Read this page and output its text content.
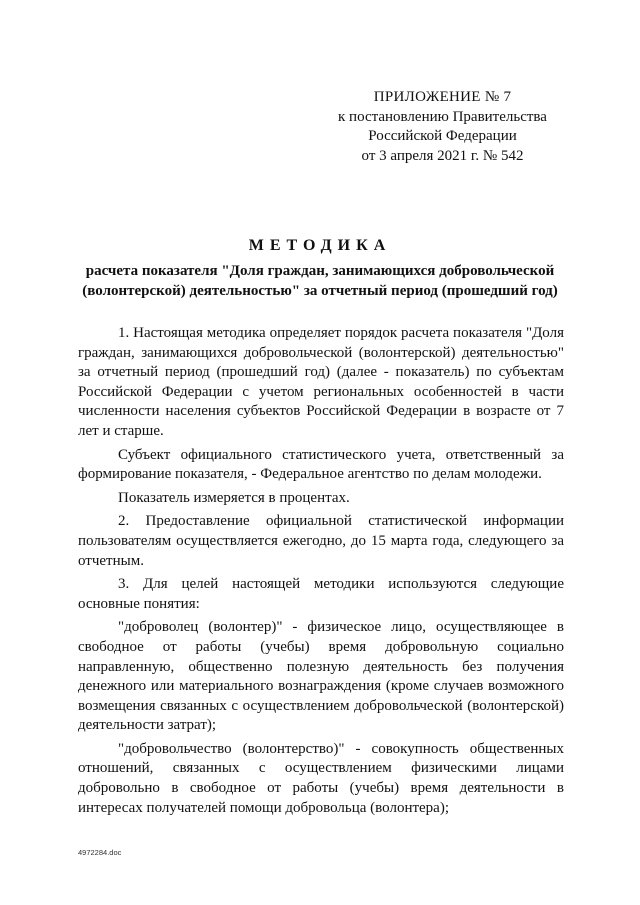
ПРИЛОЖЕНИЕ № 7
к постановлению Правительства
Российской Федерации
от 3 апреля 2021 г. № 542
МЕТОДИКА
расчета показателя "Доля граждан, занимающихся добровольческой (волонтерской) деятельностью" за отчетный период (прошедший год)

1. Настоящая методика определяет порядок расчета показателя "Доля граждан, занимающихся добровольческой (волонтерской) деятельностью" за отчетный период (прошедший год) (далее - показатель) по субъектам Российской Федерации с учетом региональных особенностей в части численности населения субъектов Российской Федерации в возрасте от 7 лет и старше.

Субъект официального статистического учета, ответственный за формирование показателя, - Федеральное агентство по делам молодежи.

Показатель измеряется в процентах.

2. Предоставление официальной статистической информации пользователям осуществляется ежегодно, до 15 марта года, следующего за отчетным.

3. Для целей настоящей методики используются следующие основные понятия:

"доброволец (волонтер)" - физическое лицо, осуществляющее в свободное от работы (учебы) время добровольную социально направленную, общественно полезную деятельность без получения денежного или материального вознаграждения (кроме случаев возможного возмещения связанных с осуществлением добровольческой (волонтерской) деятельности затрат);

"добровольчество (волонтерство)" - совокупность общественных отношений, связанных с осуществлением физическими лицами добровольно в свободное от работы (учебы) время деятельности в интересах получателей помощи добровольца (волонтера);

4972284.doc
